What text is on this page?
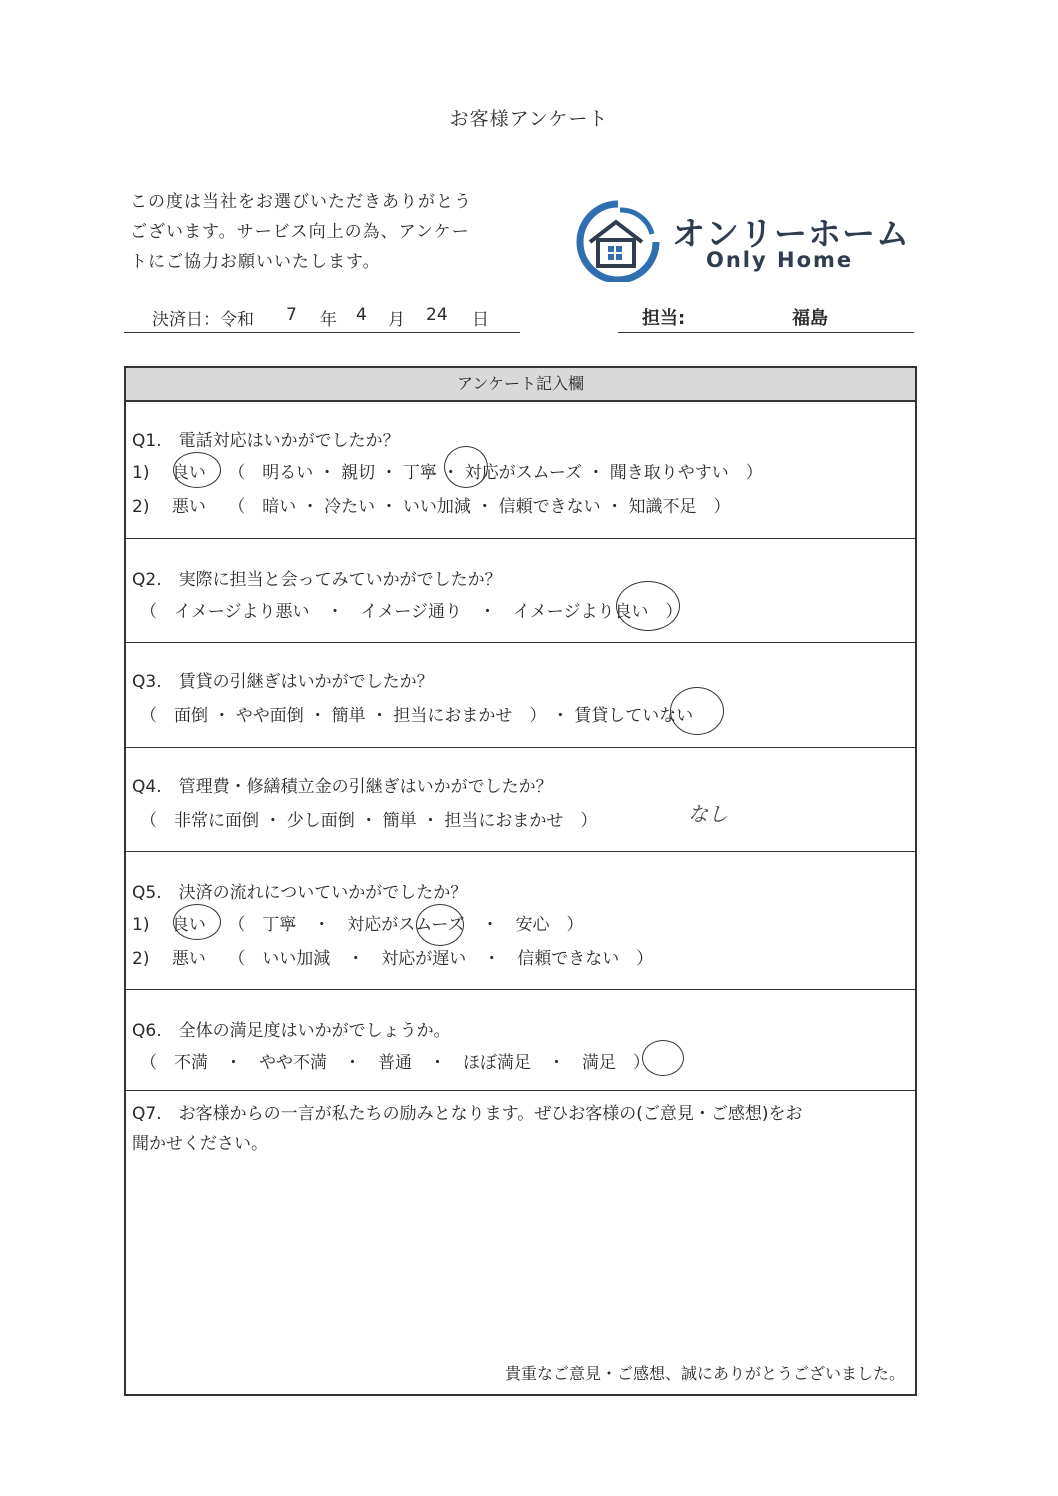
お客様アンケート
この度は当社をお選びいただきありがとう
ございます。サービス向上の為、アンケー
トにご協力お願いいたします。
オンリーホーム
Only Home
決済日：令和 7 年 4 月 24 日	担当:	福島
アンケート記入欄
Q1.　電話対応はいかがでしたか？
1)　 良い　 （　明るい ・ 親切 ・ 丁寧 ・ 対応がスムーズ ・ 聞き取りやすい　）
2)　 悪い　 （　暗い ・ 冷たい ・ いい加減 ・ 信頼できない ・ 知識不足　）
Q2.　実際に担当と会ってみていかがでしたか？
（　イメージより悪い　・　イメージ通り　・　イメージより良い　）
Q3.　賃貸の引継ぎはいかがでしたか？
（　面倒 ・ やや面倒 ・ 簡単 ・ 担当におまかせ　） ・ 賃貸していない
Q4.　管理費・修繕積立金の引継ぎはいかがでしたか？
（　非常に面倒 ・ 少し面倒 ・ 簡単 ・ 担当におまかせ　）	なし
Q5.　決済の流れについていかがでしたか？
1)　 良い　 （　丁寧　・　対応がスムーズ　・　安心　）
2)　 悪い　 （　いい加減　・　対応が遅い　・　信頼できない　）
Q6.　全体の満足度はいかがでしょうか。
（　不満　・　やや不満　・　普通　・　ほぼ満足　・　満足　）
Q7.　お客様からの一言が私たちの励みとなります。ぜひお客様の(ご意見・ご感想)をお
聞かせください。
貴重なご意見・ご感想、誠にありがとうございました。
